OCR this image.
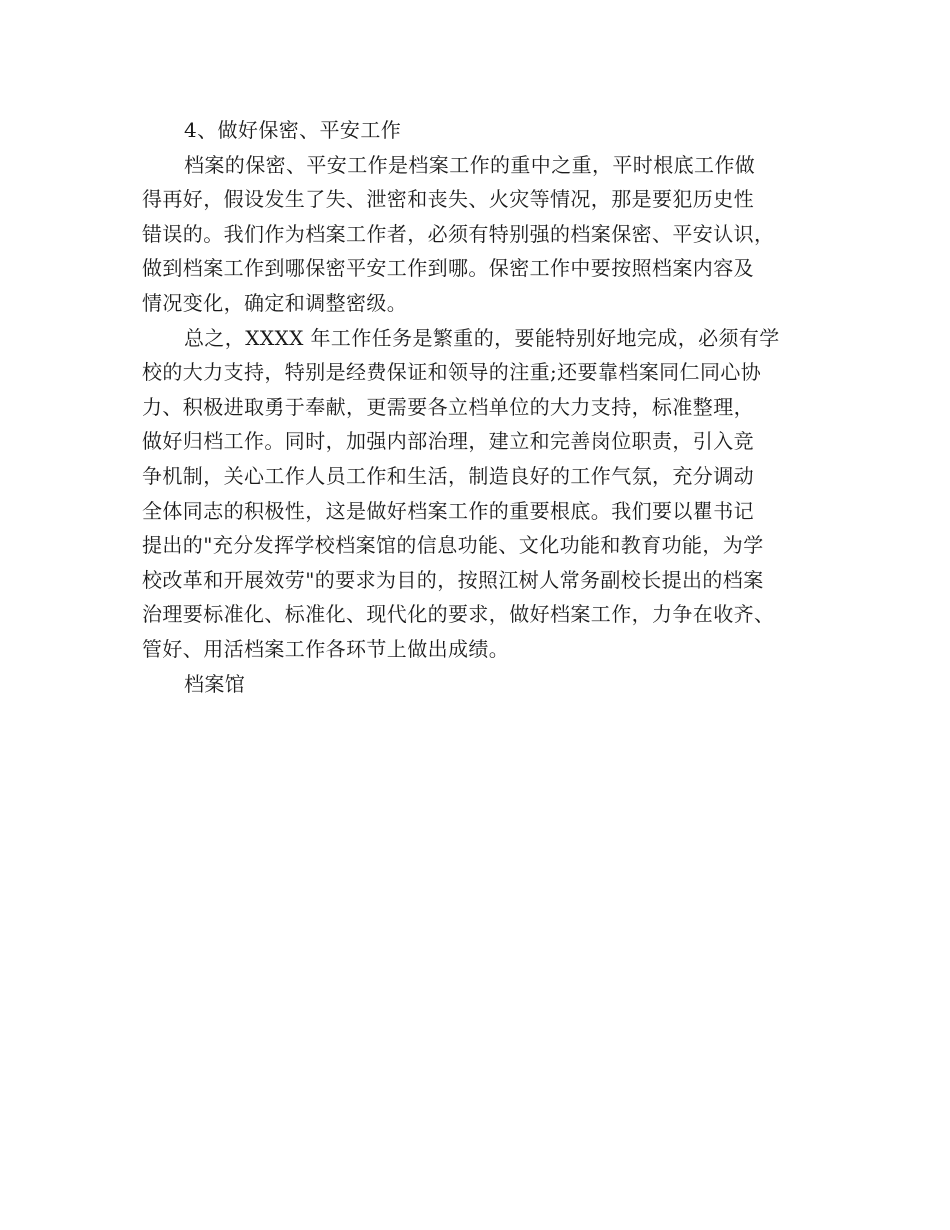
4、做好保密、平安工作
档案的保密、平安工作是档案工作的重中之重，平时根底工作做
得再好，假设发生了失、泄密和丧失、火灾等情况，那是要犯历史性
错误的。我们作为档案工作者，必须有特别强的档案保密、平安认识，
做到档案工作到哪保密平安工作到哪。保密工作中要按照档案内容及
情况变化，确定和调整密级。
总之，XXXX 年工作任务是繁重的，要能特别好地完成，必须有学
校的大力支持，特别是经费保证和领导的注重;还要靠档案同仁同心协
力、积极进取勇于奉献，更需要各立档单位的大力支持，标准整理，
做好归档工作。同时，加强内部治理，建立和完善岗位职责，引入竞
争机制，关心工作人员工作和生活，制造良好的工作气氛，充分调动
全体同志的积极性，这是做好档案工作的重要根底。我们要以瞿书记
提出的"充分发挥学校档案馆的信息功能、文化功能和教育功能，为学
校改革和开展效劳"的要求为目的，按照江树人常务副校长提出的档案
治理要标准化、标准化、现代化的要求，做好档案工作，力争在收齐、
管好、用活档案工作各环节上做出成绩。
档案馆
